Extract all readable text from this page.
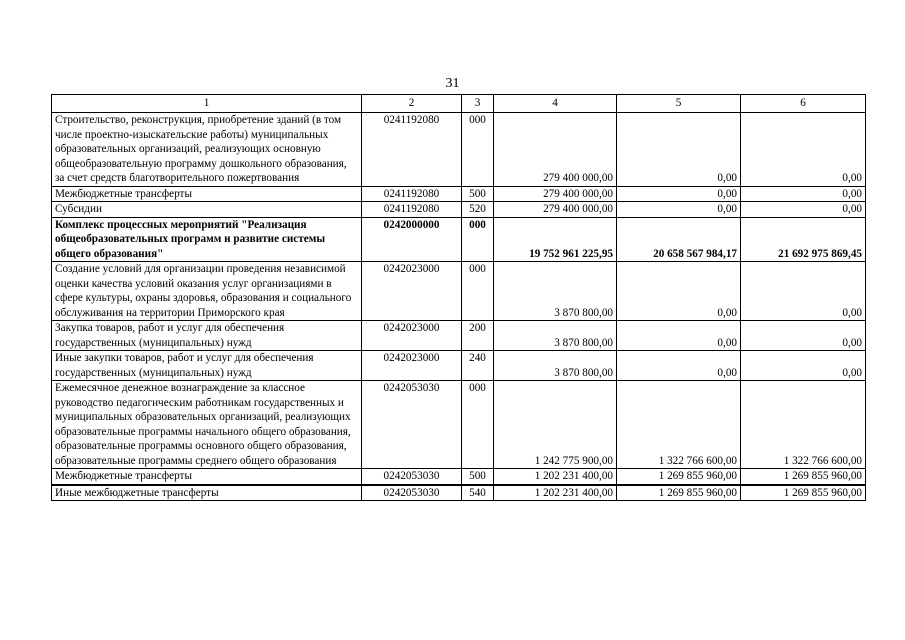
31
1	2	3	4	5	6
Строительство, реконструкция, приобретение зданий (в том числе проектно-изыскательские работы) муниципальных образовательных организаций, реализующих основную общеобразовательную программу дошкольного образования, за счет средств благотворительного пожертвования	0241192080	000	279 400 000,00	0,00	0,00
Межбюджетные трансферты	0241192080	500	279 400 000,00	0,00	0,00
Субсидии	0241192080	520	279 400 000,00	0,00	0,00
Комплекс процессных мероприятий "Реализация общеобразовательных программ и развитие системы общего образования"	0242000000	000	19 752 961 225,95	20 658 567 984,17	21 692 975 869,45
Создание условий для организации проведения независимой оценки качества условий оказания услуг организациями в сфере культуры, охраны здоровья, образования и социального обслуживания на территории Приморского края	0242023000	000	3 870 800,00	0,00	0,00
Закупка товаров, работ и услуг для обеспечения государственных (муниципальных) нужд	0242023000	200	3 870 800,00	0,00	0,00
Иные закупки товаров, работ и услуг для обеспечения государственных (муниципальных) нужд	0242023000	240	3 870 800,00	0,00	0,00
Ежемесячное денежное вознаграждение за классное руководство педагогическим работникам государственных и муниципальных образовательных организаций, реализующих образовательные программы начального общего образования, образовательные программы основного общего образования, образовательные программы среднего общего образования	0242053030	000	1 242 775 900,00	1 322 766 600,00	1 322 766 600,00
Межбюджетные трансферты	0242053030	500	1 202 231 400,00	1 269 855 960,00	1 269 855 960,00
Иные межбюджетные трансферты	0242053030	540	1 202 231 400,00	1 269 855 960,00	1 269 855 960,00
